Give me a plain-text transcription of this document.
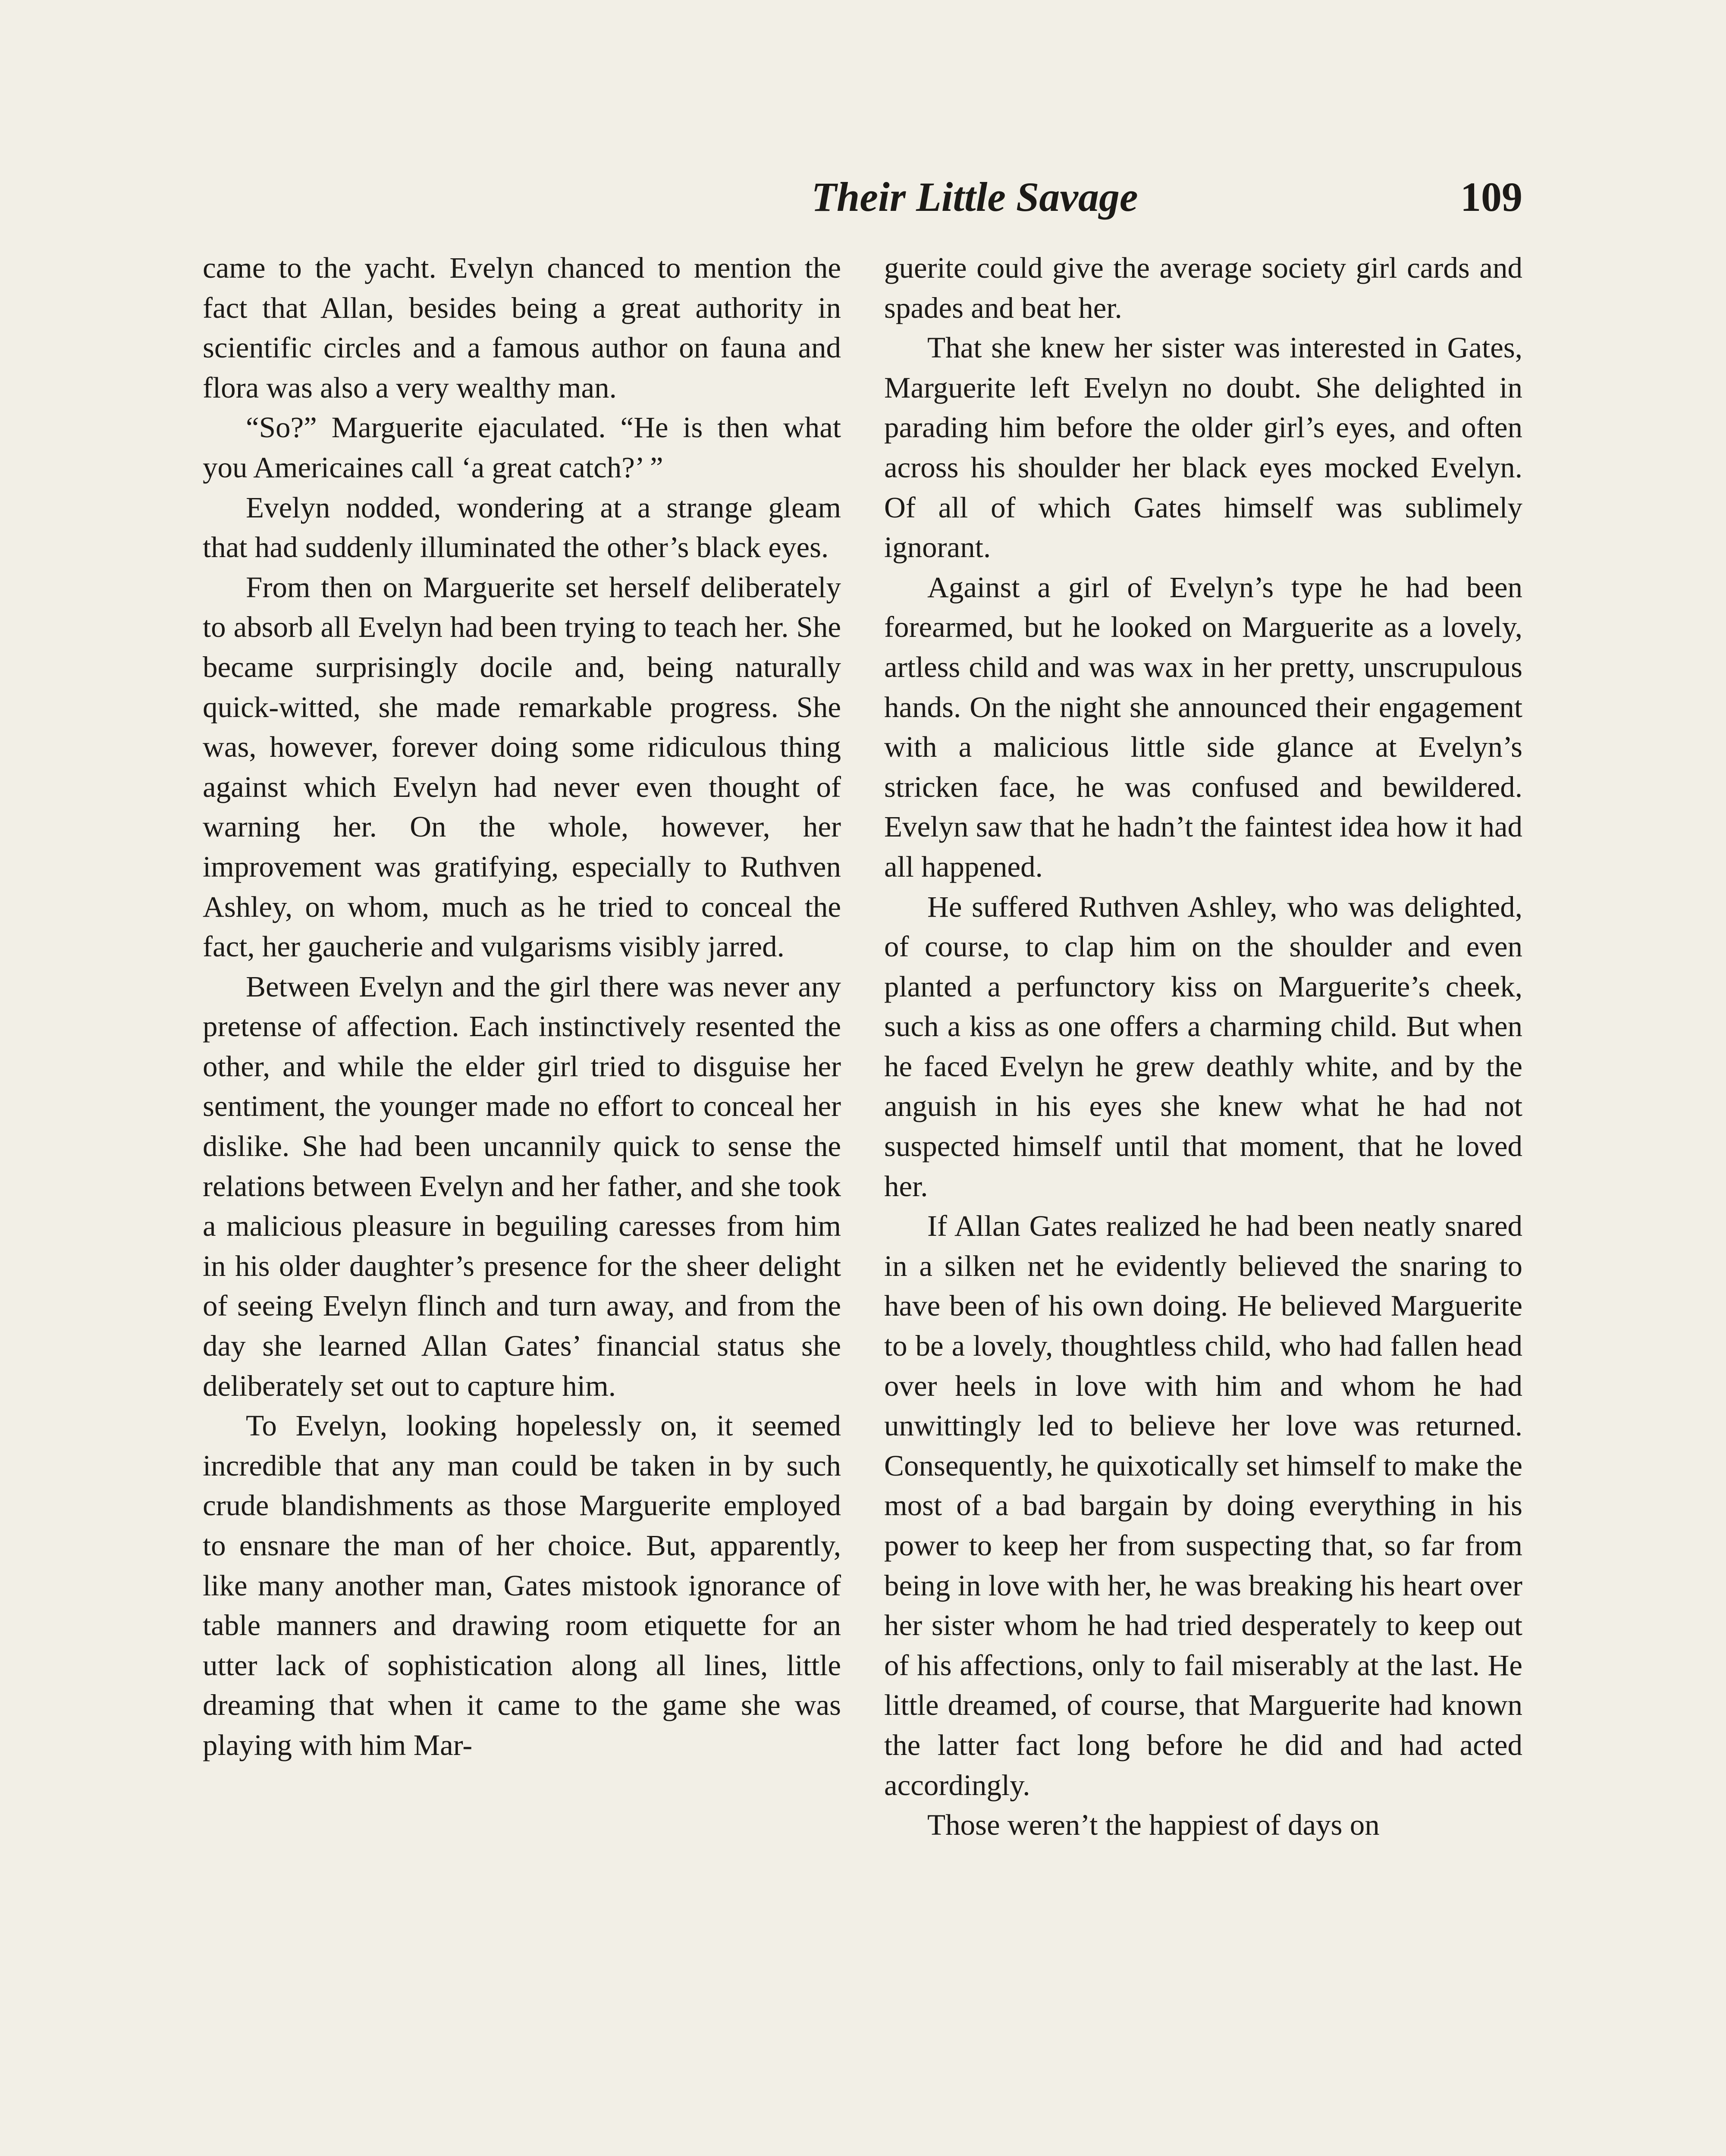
Their Little Savage	109

came to the yacht. Evelyn chanced to mention the fact that Allan, besides being a great authority in scientific circles and a famous author on fauna and flora was also a very wealthy man.

“So?” Marguerite ejaculated. “He is then what you Americaines call ‘a great catch?’ ”

Evelyn nodded, wondering at a strange gleam that had suddenly illuminated the other’s black eyes.

From then on Marguerite set herself deliberately to absorb all Evelyn had been trying to teach her. She became surprisingly docile and, being naturally quick-witted, she made remarkable progress. She was, however, forever doing some ridiculous thing against which Evelyn had never even thought of warning her. On the whole, however, her improvement was gratifying, especially to Ruthven Ashley, on whom, much as he tried to conceal the fact, her gaucherie and vulgarisms visibly jarred.

Between Evelyn and the girl there was never any pretense of affection. Each instinctively resented the other, and while the elder girl tried to disguise her sentiment, the younger made no effort to conceal her dislike. She had been uncannily quick to sense the relations between Evelyn and her father, and she took a malicious pleasure in beguiling caresses from him in his older daughter’s presence for the sheer delight of seeing Evelyn flinch and turn away, and from the day she learned Allan Gates’ financial status she deliberately set out to capture him.

To Evelyn, looking hopelessly on, it seemed incredible that any man could be taken in by such crude blandishments as those Marguerite employed to ensnare the man of her choice. But, apparently, like many another man, Gates mistook ignorance of table manners and drawing room etiquette for an utter lack of sophistication along all lines, little dreaming that when it came to the game she was playing with him Mar-

guerite could give the average society girl cards and spades and beat her.

That she knew her sister was interested in Gates, Marguerite left Evelyn no doubt. She delighted in parading him before the older girl’s eyes, and often across his shoulder her black eyes mocked Evelyn. Of all of which Gates himself was sublimely ignorant.

Against a girl of Evelyn’s type he had been forearmed, but he looked on Marguerite as a lovely, artless child and was wax in her pretty, unscrupulous hands. On the night she announced their engagement with a malicious little side glance at Evelyn’s stricken face, he was confused and bewildered. Evelyn saw that he hadn’t the faintest idea how it had all happened.

He suffered Ruthven Ashley, who was delighted, of course, to clap him on the shoulder and even planted a perfunctory kiss on Marguerite’s cheek, such a kiss as one offers a charming child. But when he faced Evelyn he grew deathly white, and by the anguish in his eyes she knew what he had not suspected himself until that moment, that he loved her.

If Allan Gates realized he had been neatly snared in a silken net he evidently believed the snaring to have been of his own doing. He believed Marguerite to be a lovely, thoughtless child, who had fallen head over heels in love with him and whom he had unwittingly led to believe her love was returned. Consequently, he quixotically set himself to make the most of a bad bargain by doing everything in his power to keep her from suspecting that, so far from being in love with her, he was breaking his heart over her sister whom he had tried desperately to keep out of his affections, only to fail miserably at the last. He little dreamed, of course, that Marguerite had known the latter fact long before he did and had acted accordingly.

Those weren’t the happiest of days on
